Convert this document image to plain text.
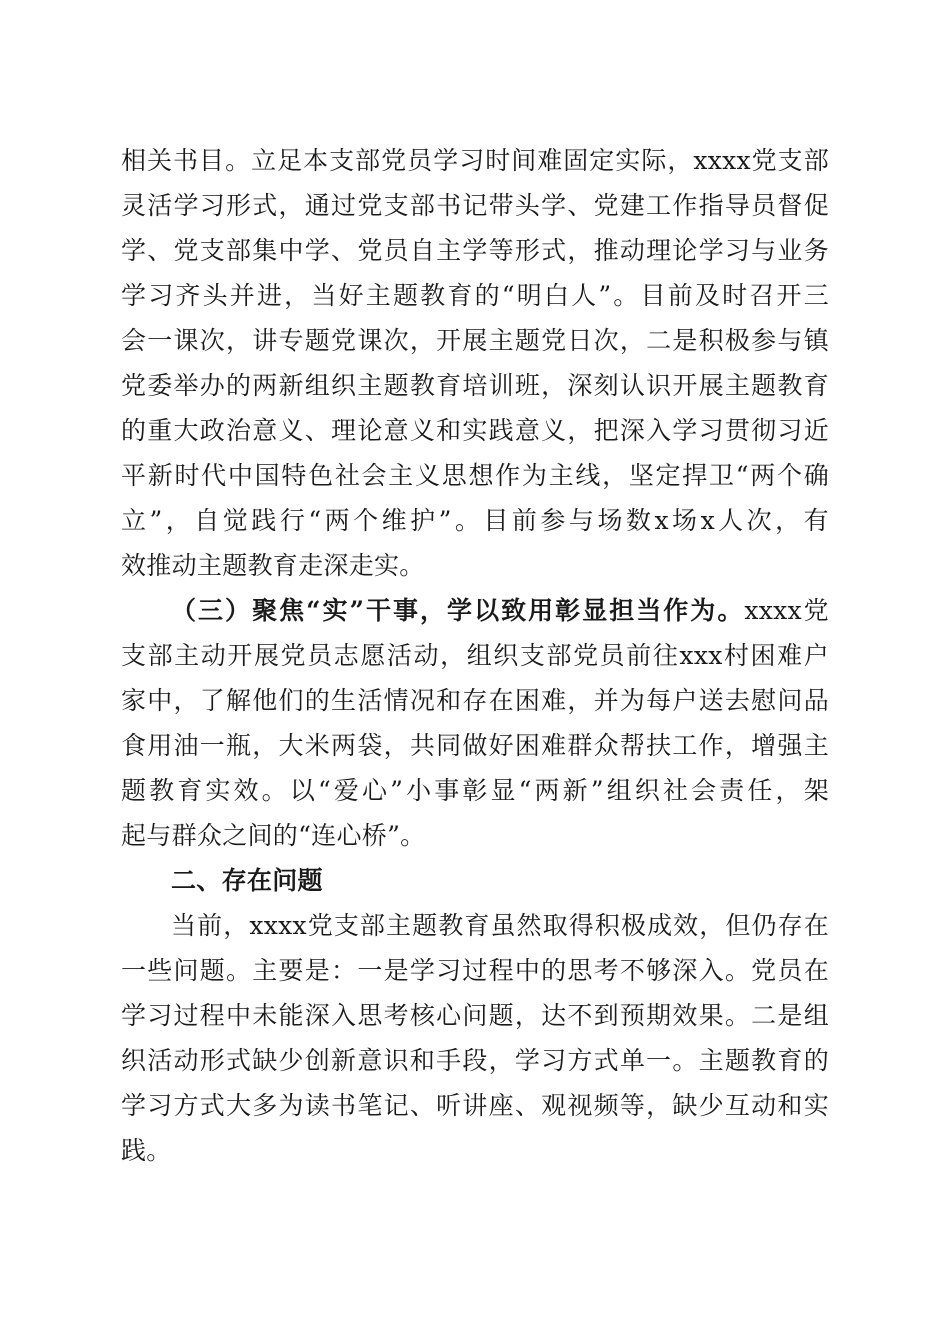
相关书目。立足本支部党员学习时间难固定实际，xxxx党支部
灵活学习形式，通过党支部书记带头学、党建工作指导员督促
学、党支部集中学、党员自主学等形式，推动理论学习与业务
学习齐头并进，当好主题教育的“明白人”。目前及时召开三
会一课次，讲专题党课次，开展主题党日次，二是积极参与镇
党委举办的两新组织主题教育培训班，深刻认识开展主题教育
的重大政治意义、理论意义和实践意义，把深入学习贯彻习近
平新时代中国特色社会主义思想作为主线，坚定捍卫“两个确
立”，自觉践行“两个维护”。目前参与场数x场x人次，有
效推动主题教育走深走实。
（三）聚焦“实”干事，学以致用彰显担当作为。xxxx党
支部主动开展党员志愿活动，组织支部党员前往xxx村困难户
家中，了解他们的生活情况和存在困难，并为每户送去慰问品
食用油一瓶，大米两袋，共同做好困难群众帮扶工作，增强主
题教育实效。以“爱心”小事彰显“两新”组织社会责任，架
起与群众之间的“连心桥”。
二、存在问题
当前，xxxx党支部主题教育虽然取得积极成效，但仍存在
一些问题。主要是：一是学习过程中的思考不够深入。党员在
学习过程中未能深入思考核心问题，达不到预期效果。二是组
织活动形式缺少创新意识和手段，学习方式单一。主题教育的
学习方式大多为读书笔记、听讲座、观视频等，缺少互动和实
践。
